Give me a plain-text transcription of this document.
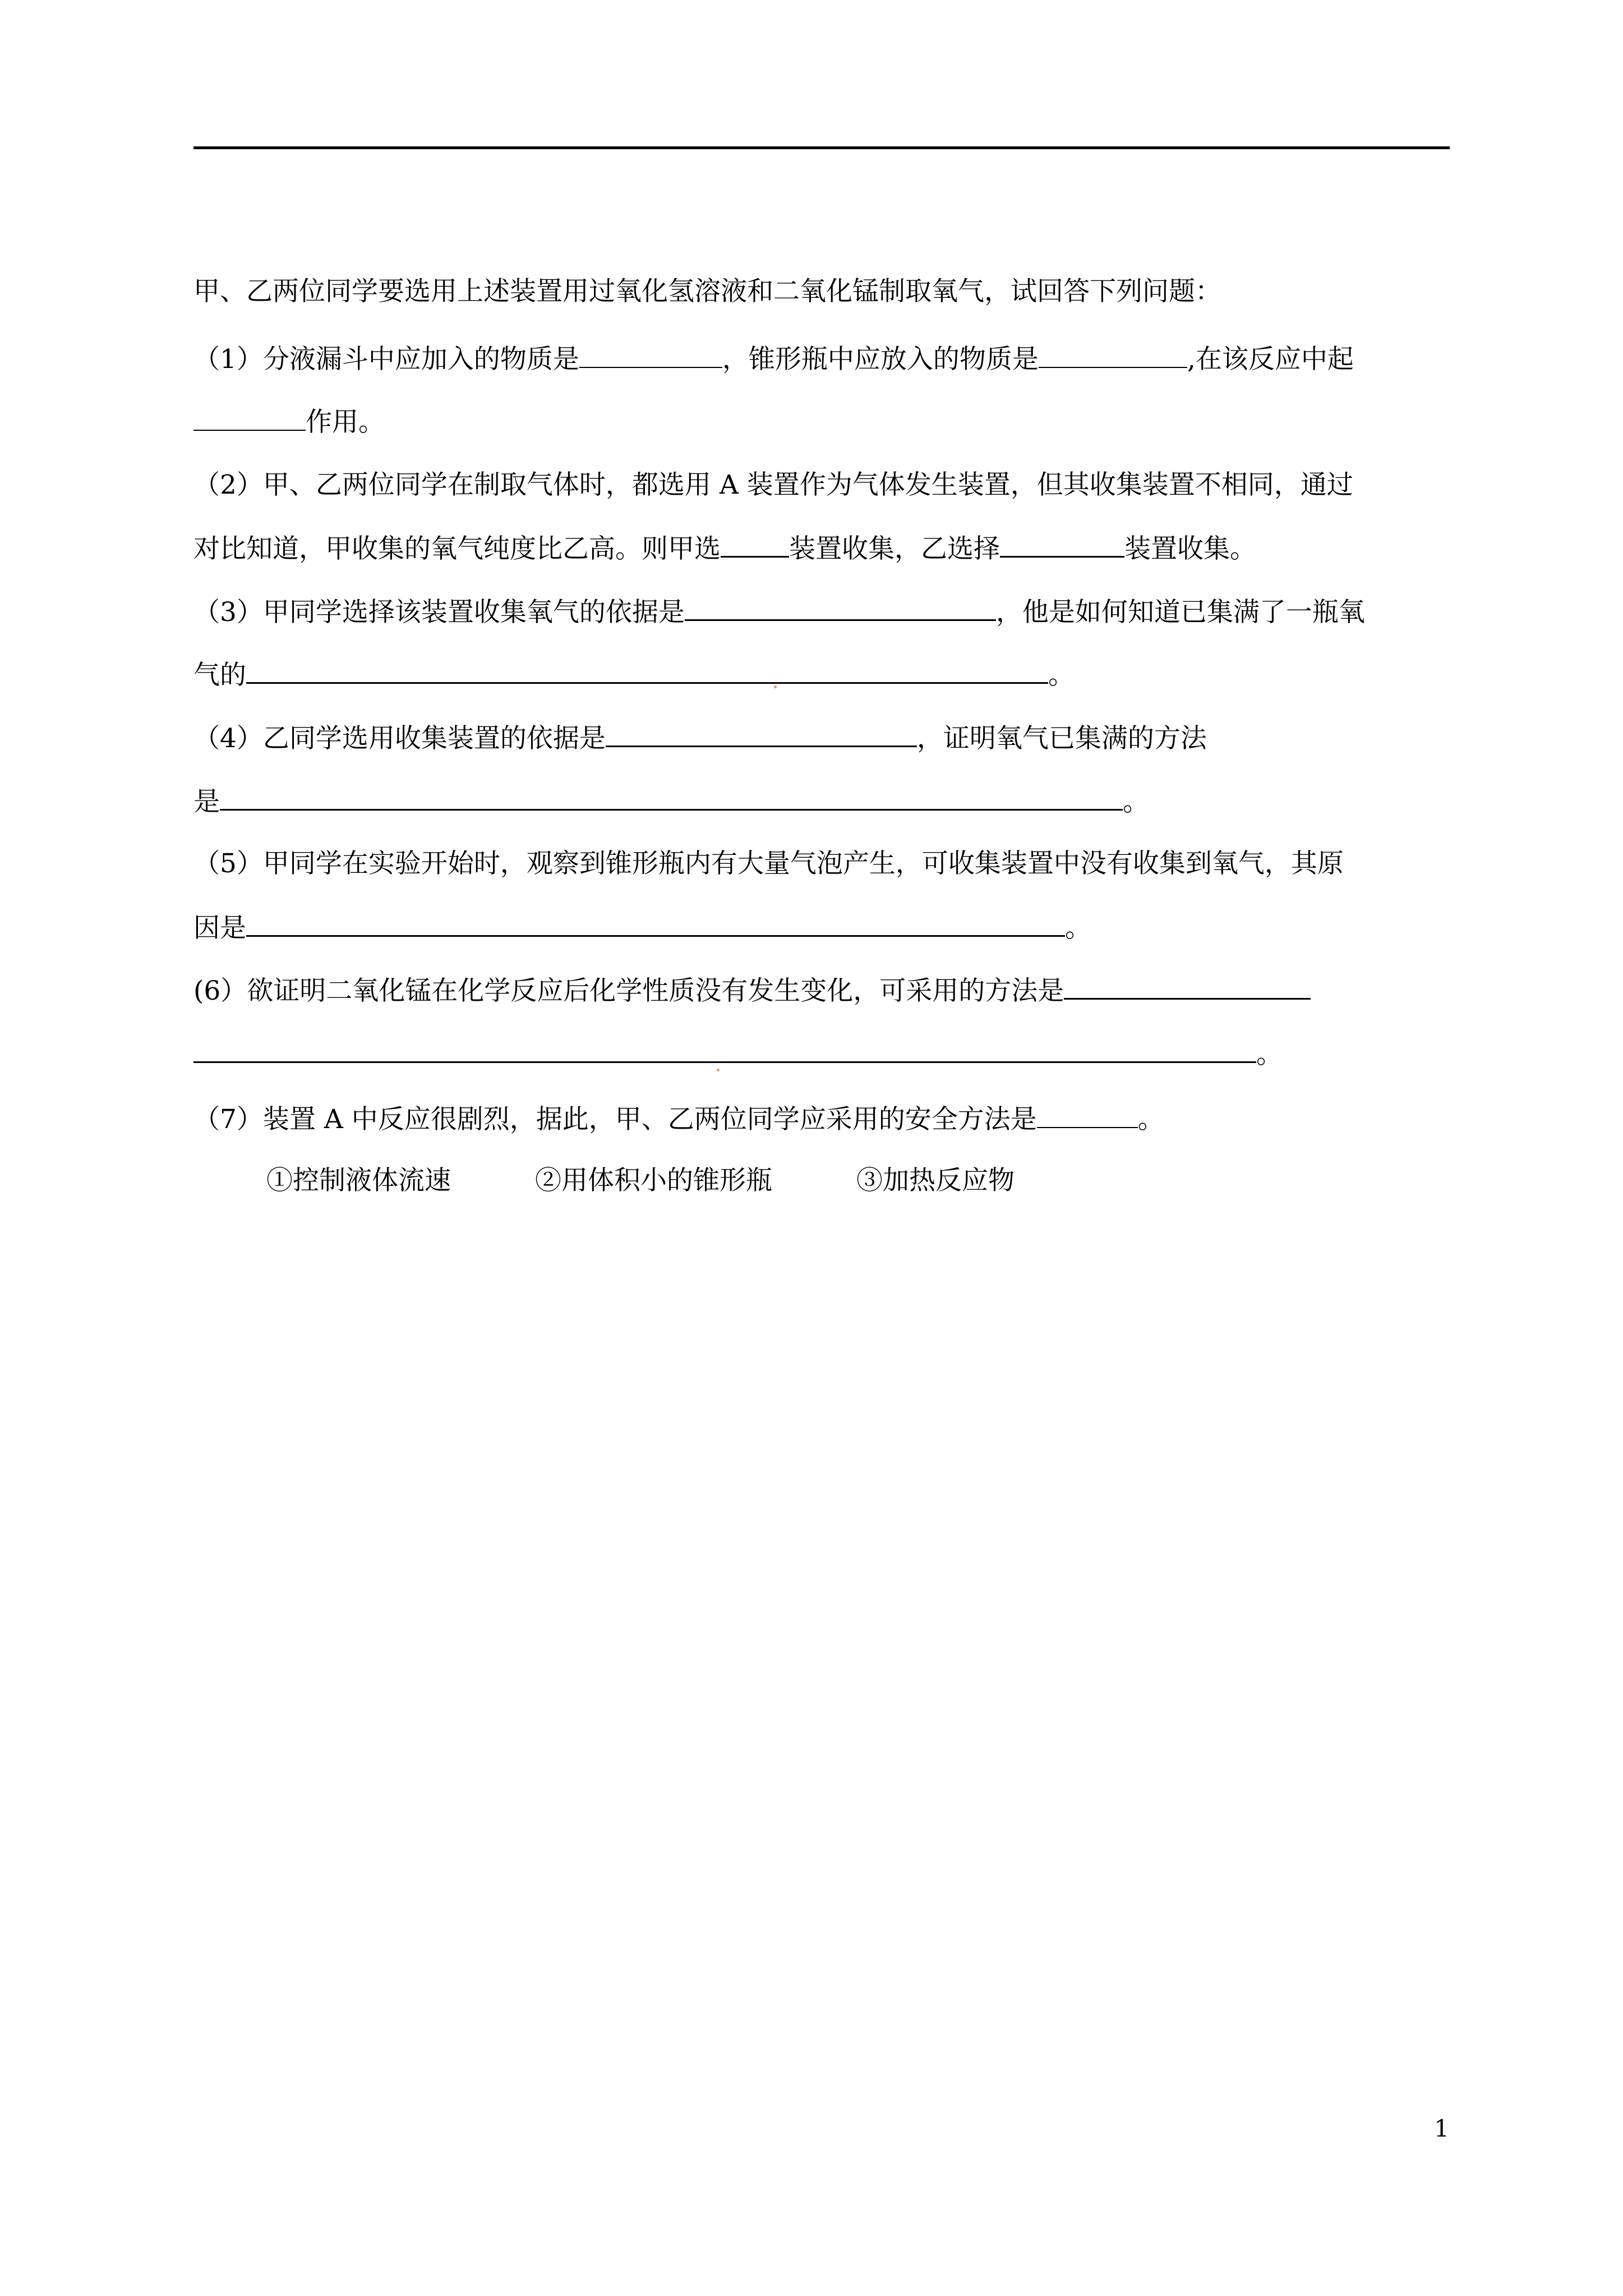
甲、乙两位同学要选用上述装置用过氧化氢溶液和二氧化锰制取氧气，试回答下列问题：
（1）分液漏斗中应加入的物质是	，锥形瓶中应放入的物质是	,在该反应中起
作用。
（2）甲、乙两位同学在制取气体时，都选用 A 装置作为气体发生装置，但其收集装置不相同，通过
对比知道，甲收集的氧气纯度比乙高。则甲选	装置收集，乙选择	装置收集。
（3）甲同学选择该装置收集氧气的依据是	，他是如何知道已集满了一瓶氧
气的	。
（4）乙同学选用收集装置的依据是	，证明氧气已集满的方法
是	。
（5）甲同学在实验开始时，观察到锥形瓶内有大量气泡产生，可收集装置中没有收集到氧气，其原
因是	。
(6）欲证明二氧化锰在化学反应后化学性质没有发生变化，可采用的方法是
。
（7）装置 A 中反应很剧烈，据此，甲、乙两位同学应采用的安全方法是	。
①控制液体流速	②用体积小的锥形瓶	③加热反应物
1
